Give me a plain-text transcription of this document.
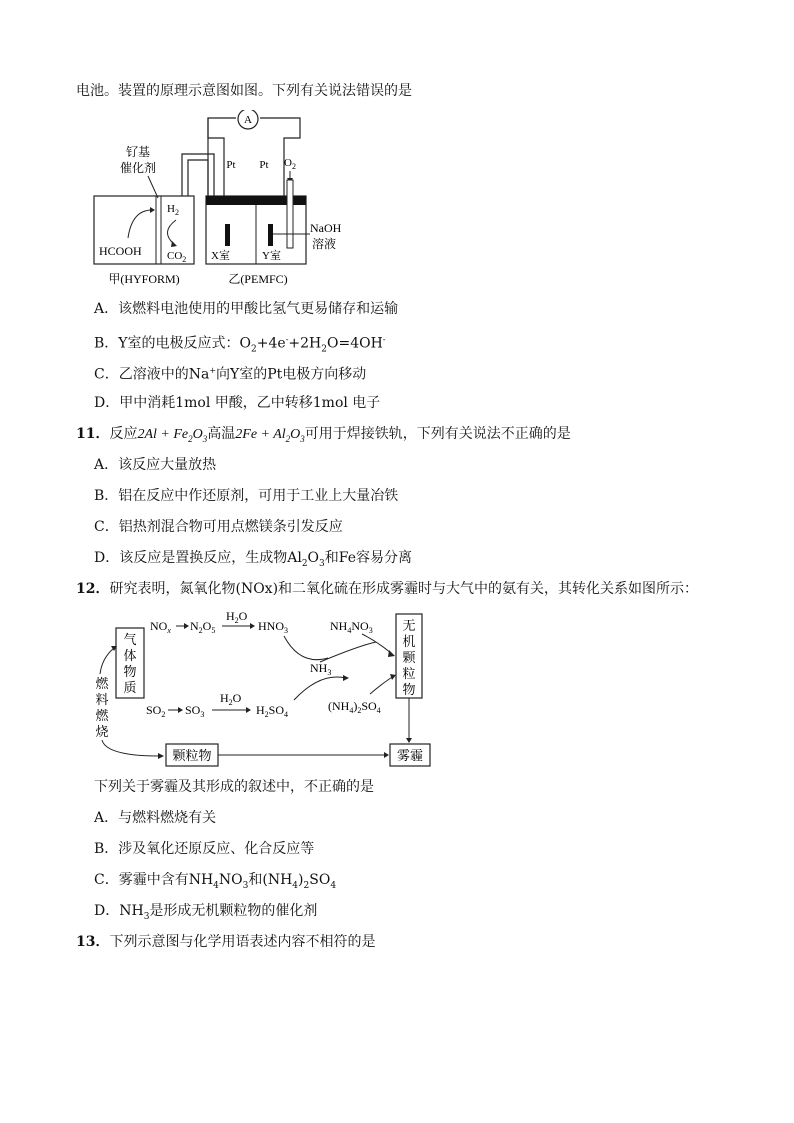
电池。装置的原理示意图如图。下列有关说法错误的是
A
Pt Pt $O_2$
钌基
催化剂
HCOOH
$H_2$
$CO_2$ X室	Y室
NaOH
溶液
甲(HYFORM)	乙(PEMFC)
A．该燃料电池使用的甲酸比氢气更易储存和运输
B．Y室的电极反应式：$O_2+4e^-+2H_2O=4OH^-$
C．乙溶液中的Na+向Y室的Pt电极方向移动
D．甲中消耗1mol 甲酸，乙中转移1mol 电子
11．反应$2Al + Fe_2O_3$高温$2Fe + Al_2O_3$可用于焊接铁轨，下列有关说法不正确的是
A．该反应大量放热
B．铝在反应中作还原剂，可用于工业上大量冶铁
C．铝热剂混合物可用点燃镁条引发反应
D．该反应是置换反应，生成物$Al_2O_3$和Fe容易分离
12．研究表明，氮氧化物(NOx)和二氧化硫在形成雾霾时与大气中的氨有关，其转化关系如图所示：
气
体
物
质
燃
料
燃
烧
$NO_x$ $N_2O_5$
$H_2O$
$HNO_3$	$NH_4NO_3$
$NH_3$
$SO_2$ $SO_3$
$H_2O$
$H_2SO_4$
$(NH_4)_2SO_4$
无
机
颗
粒
物
颗粒物	雾霾
下列关于雾霾及其形成的叙述中，不正确的是
A．与燃料燃烧有关
B．涉及氧化还原反应、化合反应等
C．雾霾中含有$NH_4NO_3$和$(NH_4)_2SO_4$
D．$NH_3$是形成无机颗粒物的催化剂
13．下列示意图与化学用语表述内容不相符的是
